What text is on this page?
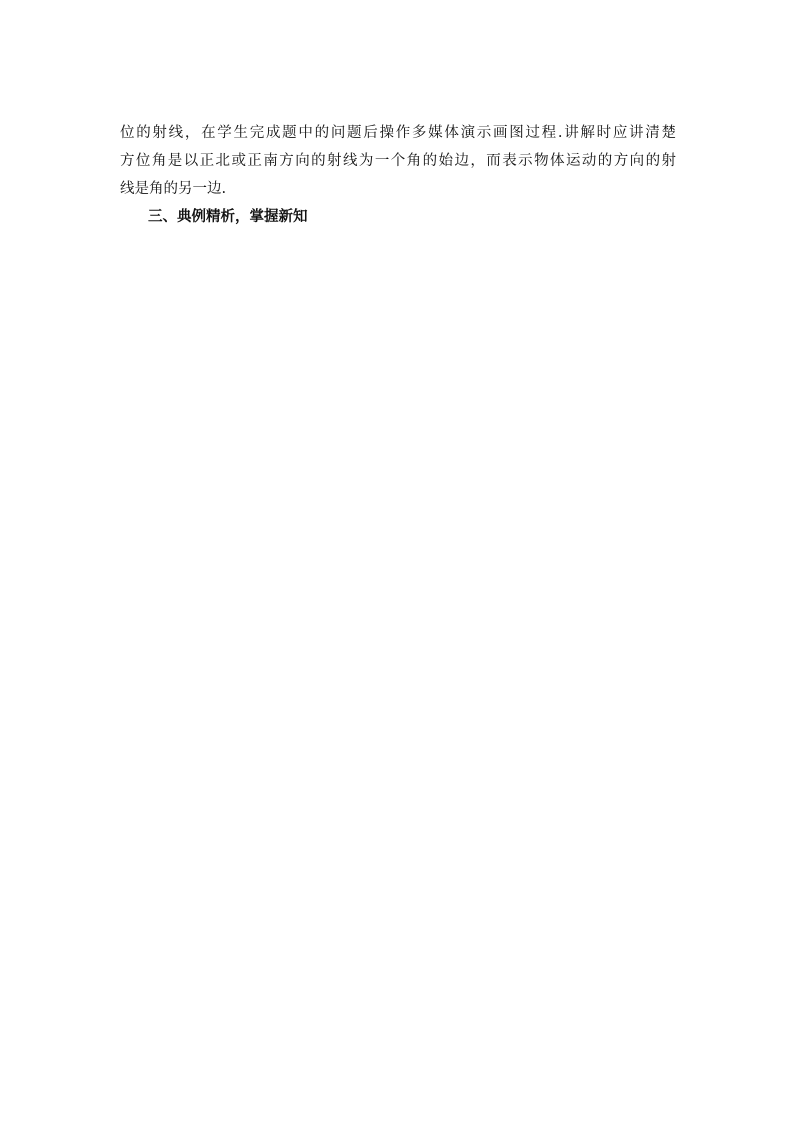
位的射线，在学生完成题中的问题后操作多媒体演示画图过程.讲解时应讲清楚
方位角是以正北或正南方向的射线为一个角的始边，而表示物体运动的方向的射
线是角的另一边.
三、典例精析，掌握新知
